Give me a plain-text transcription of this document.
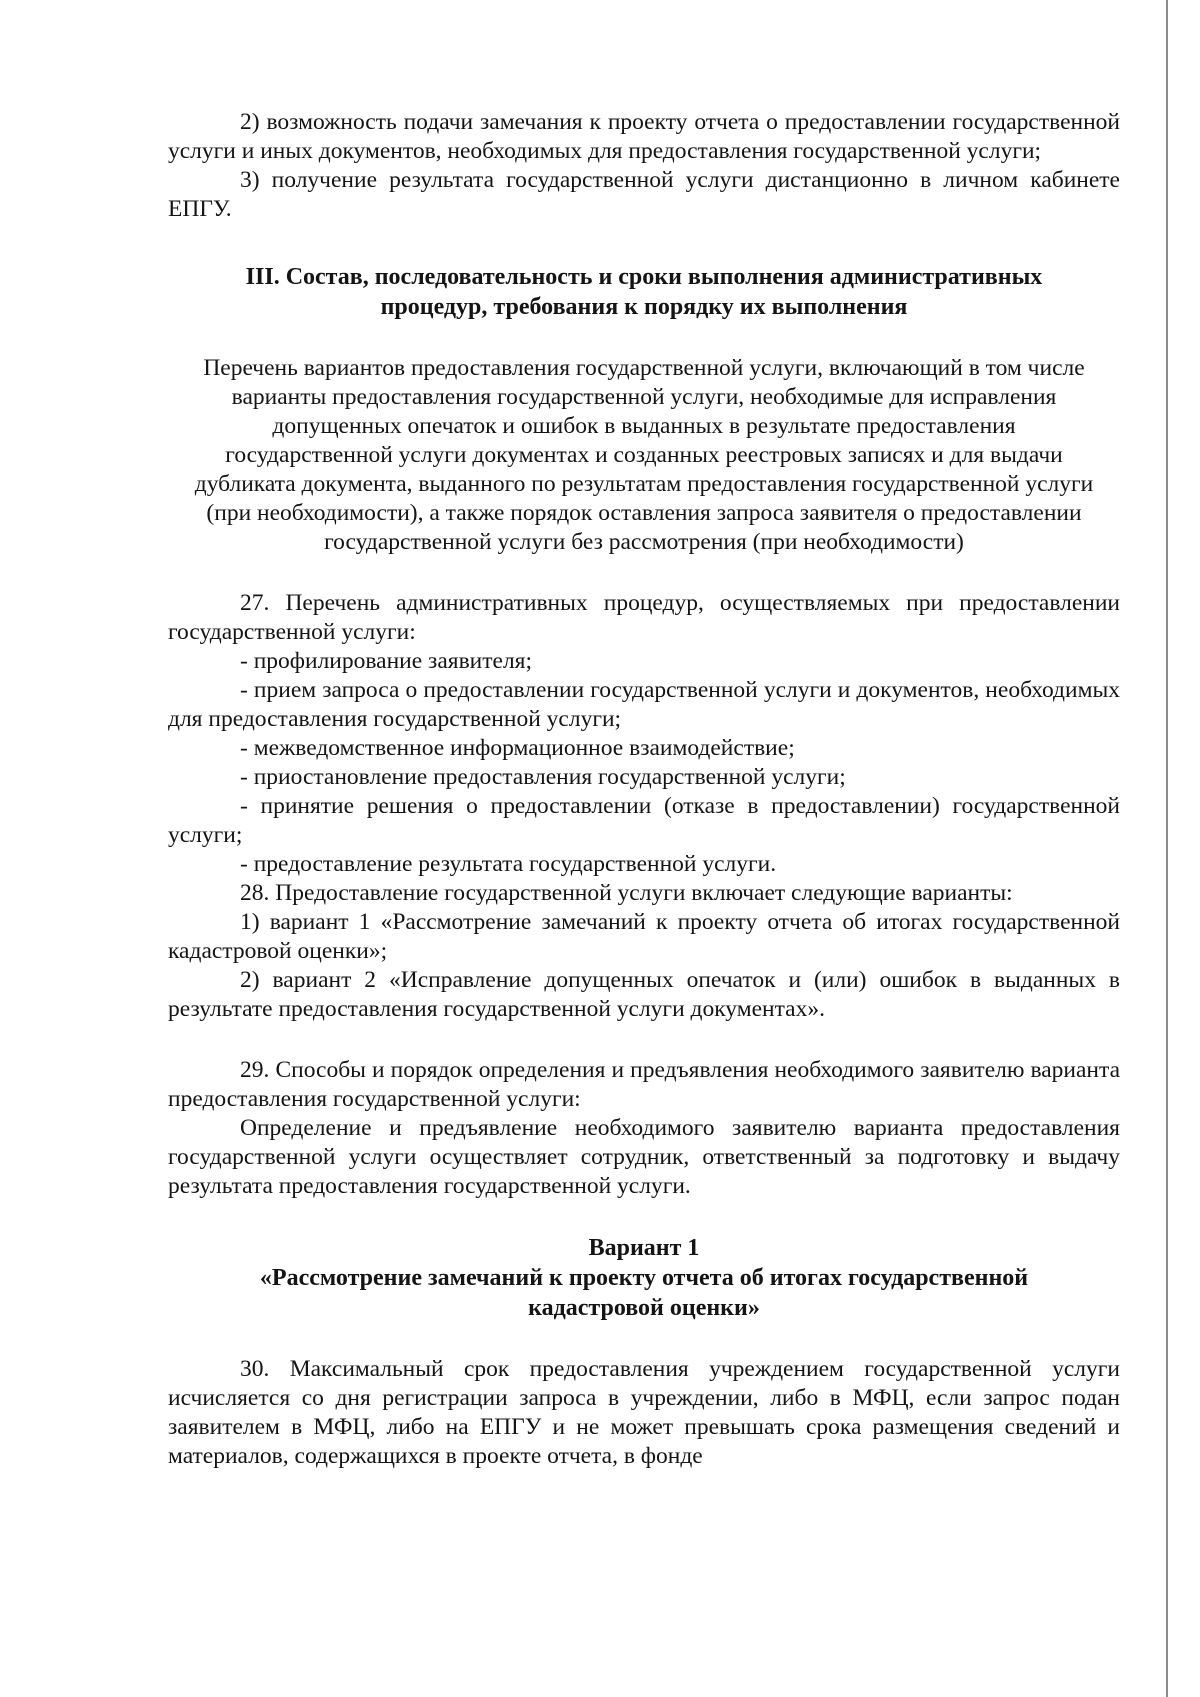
2) возможность подачи замечания к проекту отчета о предоставлении государственной услуги и иных документов, необходимых для предоставления государственной услуги;

3) получение результата государственной услуги дистанционно в личном кабинете ЕПГУ.

III. Состав, последовательность и сроки выполнения административных процедур, требования к порядку их выполнения

Перечень вариантов предоставления государственной услуги, включающий в том числе варианты предоставления государственной услуги, необходимые для исправления допущенных опечаток и ошибок в выданных в результате предоставления государственной услуги документах и созданных реестровых записях и для выдачи дубликата документа, выданного по результатам предоставления государственной услуги (при необходимости), а также порядок оставления запроса заявителя о предоставлении государственной услуги без рассмотрения (при необходимости)

27. Перечень административных процедур, осуществляемых при предоставлении государственной услуги:

- профилирование заявителя;

- прием запроса о предоставлении государственной услуги и документов, необходимых для предоставления государственной услуги;

- межведомственное информационное взаимодействие;

- приостановление предоставления государственной услуги;

- принятие решения о предоставлении (отказе в предоставлении) государственной услуги;

- предоставление результата государственной услуги.

28. Предоставление государственной услуги включает следующие варианты:

1) вариант 1 «Рассмотрение замечаний к проекту отчета об итогах государственной кадастровой оценки»;

2) вариант 2 «Исправление допущенных опечаток и (или) ошибок в выданных в результате предоставления государственной услуги документах».

29. Способы и порядок определения и предъявления необходимого заявителю варианта предоставления государственной услуги:

Определение и предъявление необходимого заявителю варианта предоставления государственной услуги осуществляет сотрудник, ответственный за подготовку и выдачу результата предоставления государственной услуги.

Вариант 1

«Рассмотрение замечаний к проекту отчета об итогах государственной кадастровой оценки»

30. Максимальный срок предоставления учреждением государственной услуги исчисляется со дня регистрации запроса в учреждении, либо в МФЦ, если запрос подан заявителем в МФЦ, либо на ЕПГУ и не может превышать срока размещения сведений и материалов, содержащихся в проекте отчета, в фонде
